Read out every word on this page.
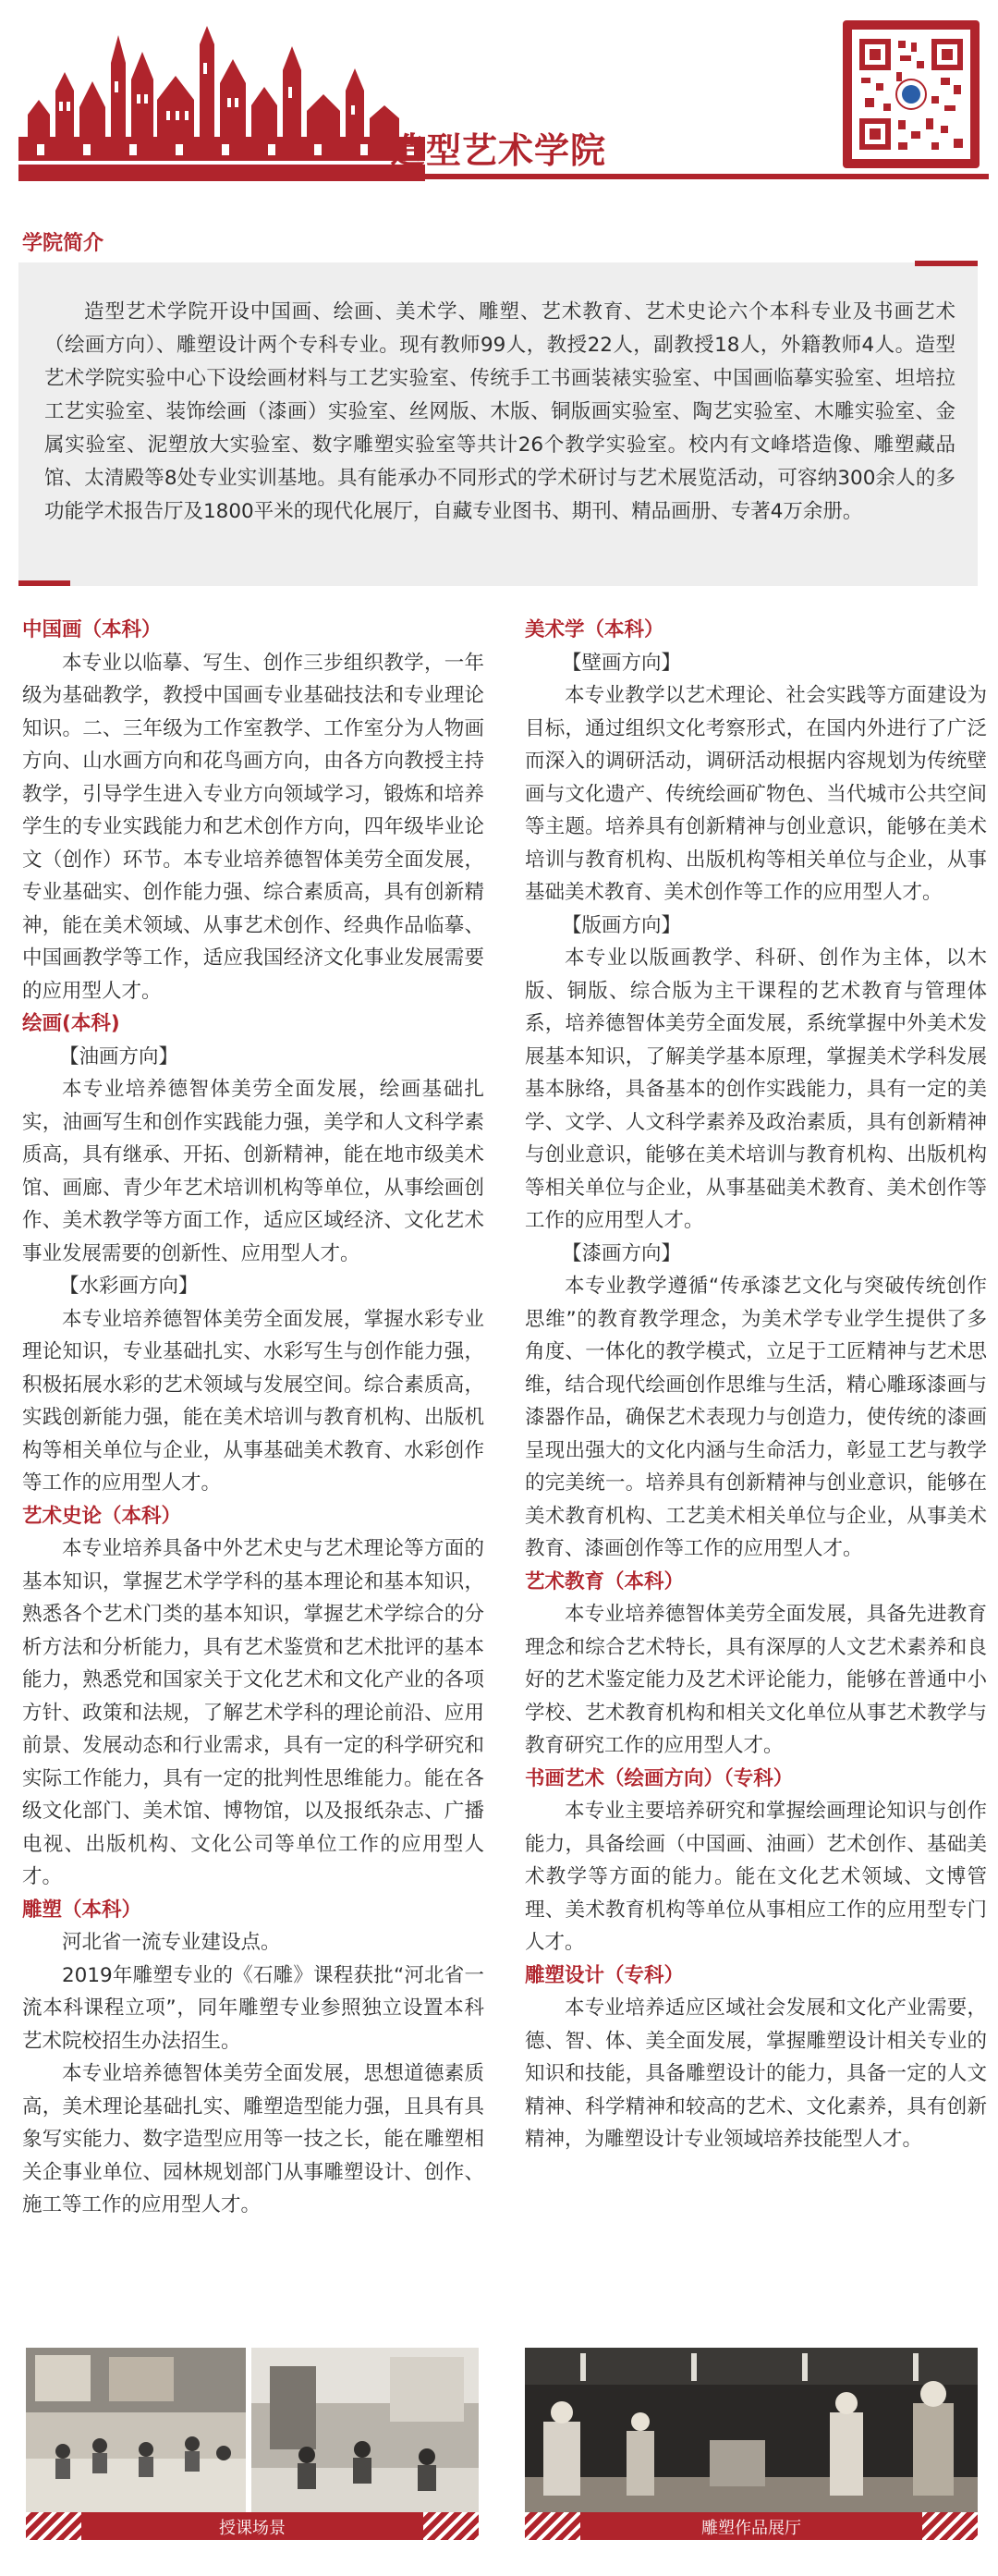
造型艺术学院
学院简介
造型艺术学院开设中国画、绘画、美术学、雕塑、艺术教育、艺术史论六个本科专业及书画艺术（绘画方向）、雕塑设计两个专科专业。现有教师99人，教授22人，副教授18人，外籍教师4人。造型艺术学院实验中心下设绘画材料与工艺实验室、传统手工书画装裱实验室、中国画临摹实验室、坦培拉工艺实验室、装饰绘画（漆画）实验室、丝网版、木版、铜版画实验室、陶艺实验室、木雕实验室、金属实验室、泥塑放大实验室、数字雕塑实验室等共计26个教学实验室。校内有文峰塔造像、雕塑藏品馆、太清殿等8处专业实训基地。具有能承办不同形式的学术研讨与艺术展览活动，可容纳300余人的多功能学术报告厅及1800平米的现代化展厅，自藏专业图书、期刊、精品画册、专著4万余册。

中国画（本科）

本专业以临摹、写生、创作三步组织教学，一年级为基础教学，教授中国画专业基础技法和专业理论知识。二、三年级为工作室教学、工作室分为人物画方向、山水画方向和花鸟画方向，由各方向教授主持教学，引导学生进入专业方向领域学习，锻炼和培养学生的专业实践能力和艺术创作方向，四年级毕业论文（创作）环节。本专业培养德智体美劳全面发展，专业基础实、创作能力强、综合素质高，具有创新精神，能在美术领域、从事艺术创作、经典作品临摹、中国画教学等工作，适应我国经济文化事业发展需要的应用型人才。

绘画(本科)

【油画方向】

本专业培养德智体美劳全面发展，绘画基础扎实，油画写生和创作实践能力强，美学和人文科学素质高，具有继承、开拓、创新精神，能在地市级美术馆、画廊、青少年艺术培训机构等单位，从事绘画创作、美术教学等方面工作，适应区域经济、文化艺术事业发展需要的创新性、应用型人才。

【水彩画方向】

本专业培养德智体美劳全面发展，掌握水彩专业理论知识，专业基础扎实、水彩写生与创作能力强，积极拓展水彩的艺术领域与发展空间。综合素质高，实践创新能力强，能在美术培训与教育机构、出版机构等相关单位与企业，从事基础美术教育、水彩创作等工作的应用型人才。

艺术史论（本科）

本专业培养具备中外艺术史与艺术理论等方面的基本知识，掌握艺术学学科的基本理论和基本知识，熟悉各个艺术门类的基本知识，掌握艺术学综合的分析方法和分析能力，具有艺术鉴赏和艺术批评的基本能力，熟悉党和国家关于文化艺术和文化产业的各项方针、政策和法规，了解艺术学科的理论前沿、应用前景、发展动态和行业需求，具有一定的科学研究和实际工作能力，具有一定的批判性思维能力。能在各级文化部门、美术馆、博物馆，以及报纸杂志、广播电视、出版机构、文化公司等单位工作的应用型人才。

雕塑（本科）

河北省一流专业建设点。

2019年雕塑专业的《石雕》课程获批“河北省一流本科课程立项”，同年雕塑专业参照独立设置本科艺术院校招生办法招生。

本专业培养德智体美劳全面发展，思想道德素质高，美术理论基础扎实、雕塑造型能力强，且具有具象写实能力、数字造型应用等一技之长，能在雕塑相关企事业单位、园林规划部门从事雕塑设计、创作、施工等工作的应用型人才。

美术学（本科）

【壁画方向】

本专业教学以艺术理论、社会实践等方面建设为目标，通过组织文化考察形式，在国内外进行了广泛而深入的调研活动，调研活动根据内容规划为传统壁画与文化遗产、传统绘画矿物色、当代城市公共空间等主题。培养具有创新精神与创业意识，能够在美术培训与教育机构、出版机构等相关单位与企业，从事基础美术教育、美术创作等工作的应用型人才。

【版画方向】

本专业以版画教学、科研、创作为主体，以木版、铜版、综合版为主干课程的艺术教育与管理体系，培养德智体美劳全面发展，系统掌握中外美术发展基本知识，了解美学基本原理，掌握美术学科发展基本脉络，具备基本的创作实践能力，具有一定的美学、文学、人文科学素养及政治素质，具有创新精神与创业意识，能够在美术培训与教育机构、出版机构等相关单位与企业，从事基础美术教育、美术创作等工作的应用型人才。

【漆画方向】

本专业教学遵循“传承漆艺文化与突破传统创作思维”的教育教学理念，为美术学专业学生提供了多角度、一体化的教学模式，立足于工匠精神与艺术思维，结合现代绘画创作思维与生活，精心雕琢漆画与漆器作品，确保艺术表现力与创造力，使传统的漆画呈现出强大的文化内涵与生命活力，彰显工艺与教学的完美统一。培养具有创新精神与创业意识，能够在美术教育机构、工艺美术相关单位与企业，从事美术教育、漆画创作等工作的应用型人才。

艺术教育（本科）

本专业培养德智体美劳全面发展，具备先进教育理念和综合艺术特长，具有深厚的人文艺术素养和良好的艺术鉴定能力及艺术评论能力，能够在普通中小学校、艺术教育机构和相关文化单位从事艺术教学与教育研究工作的应用型人才。

书画艺术（绘画方向）（专科）

本专业主要培养研究和掌握绘画理论知识与创作能力，具备绘画（中国画、油画）艺术创作、基础美术教学等方面的能力。能在文化艺术领域、文博管理、美术教育机构等单位从事相应工作的应用型专门人才。

雕塑设计（专科）

本专业培养适应区域社会发展和文化产业需要，德、智、体、美全面发展，掌握雕塑设计相关专业的知识和技能，具备雕塑设计的能力，具备一定的人文精神、科学精神和较高的艺术、文化素养，具有创新精神，为雕塑设计专业领域培养技能型人才。

授课场景	雕塑作品展厅
